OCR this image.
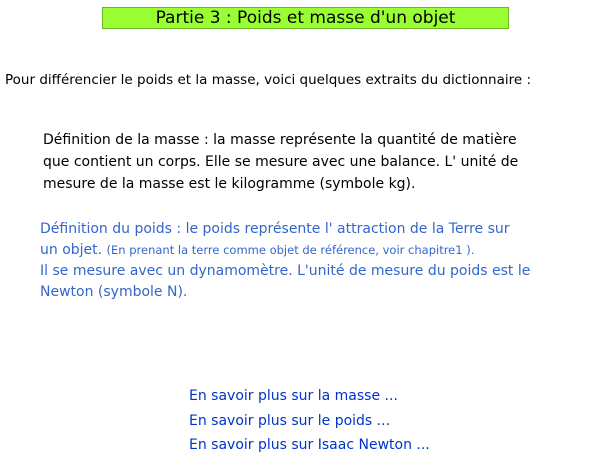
Partie 3 : Poids et masse d'un objet
Pour différencier le poids et la masse, voici quelques extraits du dictionnaire :
Définition de la masse : la masse représente la quantité de matière
que contient un corps. Elle se mesure avec une balance. L' unité de
mesure de la masse est le kilogramme (symbole kg).
Définition du poids : le poids représente l' attraction de la Terre sur
un objet. (En prenant la terre comme objet de référence, voir chapitre1 ).
Il se mesure avec un dynamomètre. L'unité de mesure du poids est le
Newton (symbole N).
En savoir plus sur la masse ...
En savoir plus sur le poids ...
En savoir plus sur Isaac Newton ...
